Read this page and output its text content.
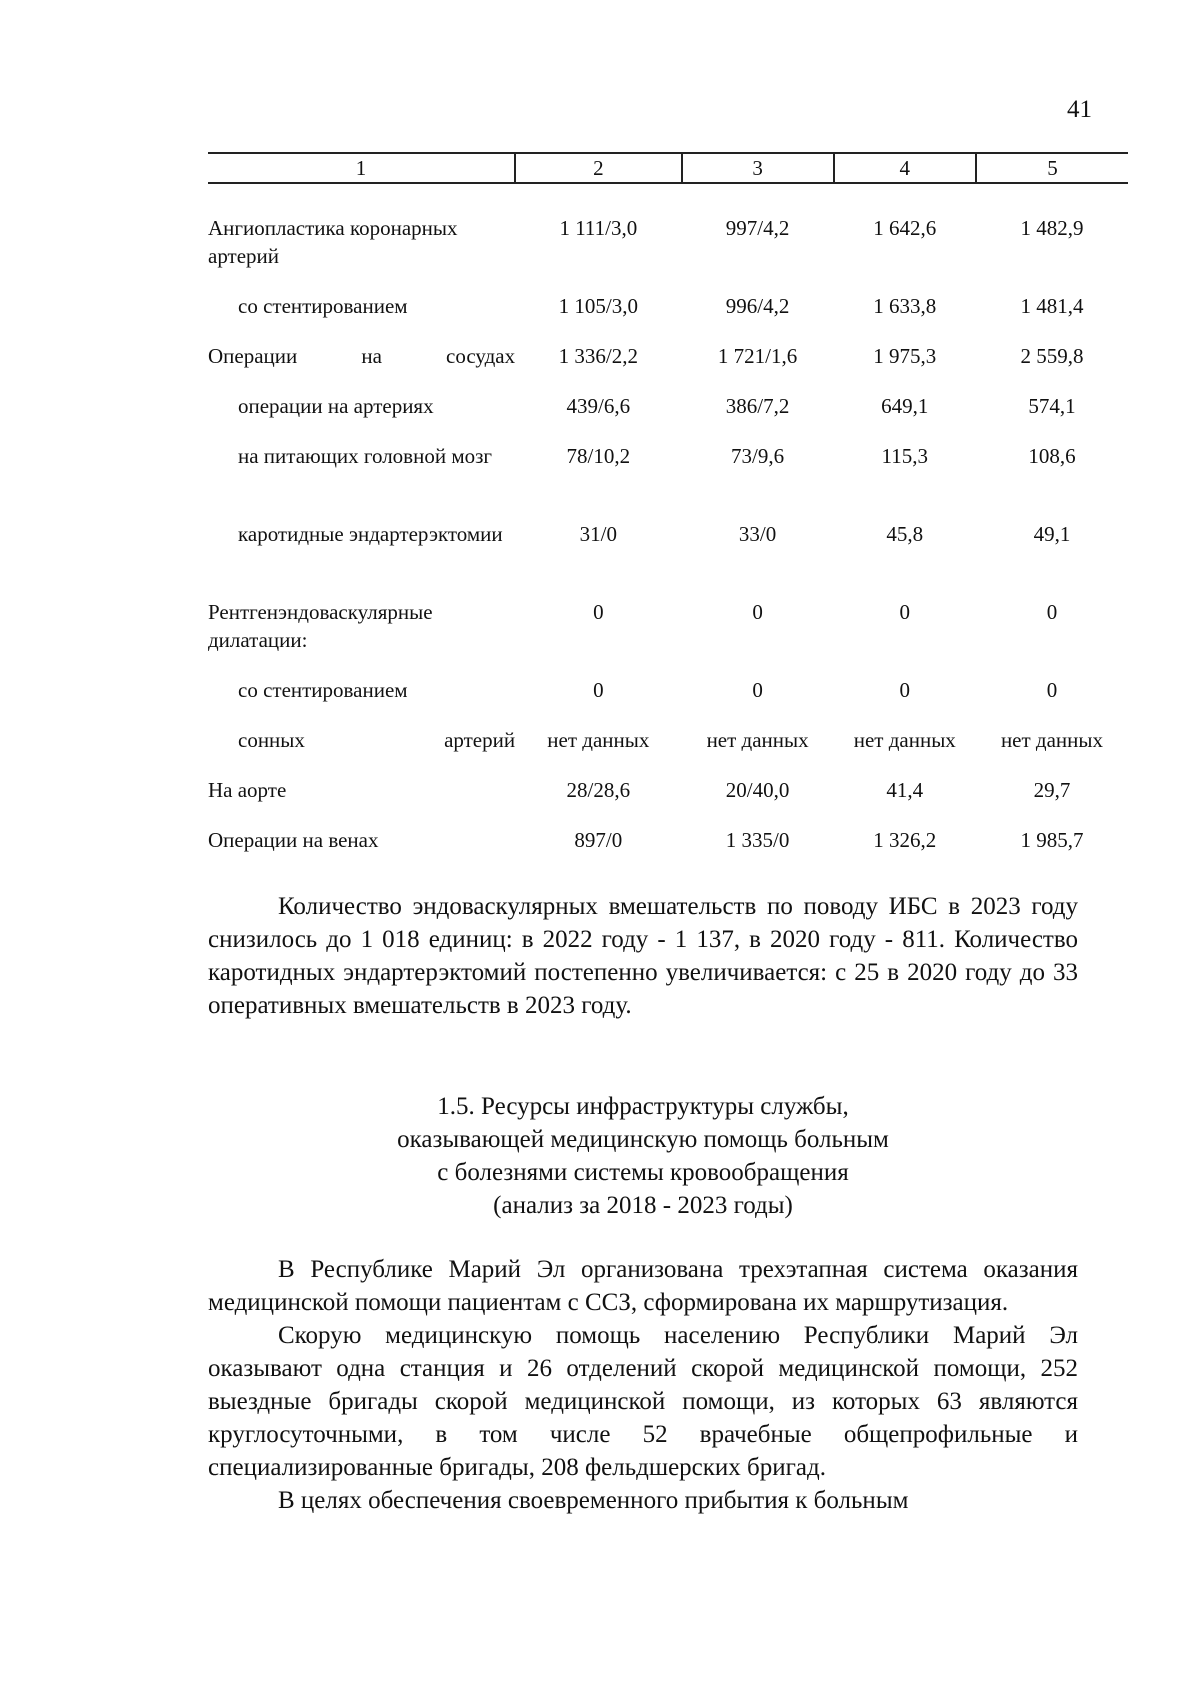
41
1	2	3	4	5
Ангиопластика коронарных артерий	1 111/3,0	997/4,2	1 642,6	1 482,9
со стентированием	1 105/3,0	996/4,2	1 633,8	1 481,4
Операции на сосудах	1 336/2,2	1 721/1,6	1 975,3	2 559,8
операции на артериях	439/6,6	386/7,2	649,1	574,1
на питающих головной мозг	78/10,2	73/9,6	115,3	108,6
каротидные эндартерэктомии	31/0	33/0	45,8	49,1
Рентгенэндоваскулярные дилатации:	0	0	0	0
со стентированием	0	0	0	0
сонных артерий	нет данных	нет данных	нет данных	нет данных
На аорте	28/28,6	20/40,0	41,4	29,7
Операции на венах	897/0	1 335/0	1 326,2	1 985,7

Количество эндоваскулярных вмешательств по поводу ИБС в 2023 году снизилось до 1 018 единиц: в 2022 году - 1 137, в 2020 году - 811. Количество каротидных эндартерэктомий постепенно увеличивается: с 25 в 2020 году до 33 оперативных вмешательств в 2023 году.

1.5. Ресурсы инфраструктуры службы,
оказывающей медицинскую помощь больным
с болезнями системы кровообращения
(анализ за 2018 - 2023 годы)

В Республике Марий Эл организована трехэтапная система оказания медицинской помощи пациентам с ССЗ, сформирована их маршрутизация.

Скорую медицинскую помощь населению Республики Марий Эл оказывают одна станция и 26 отделений скорой медицинской помощи, 252 выездные бригады скорой медицинской помощи, из которых 63 являются круглосуточными, в том числе 52 врачебные общепрофильные и специализированные бригады, 208 фельдшерских бригад.

В целях обеспечения своевременного прибытия к больным
